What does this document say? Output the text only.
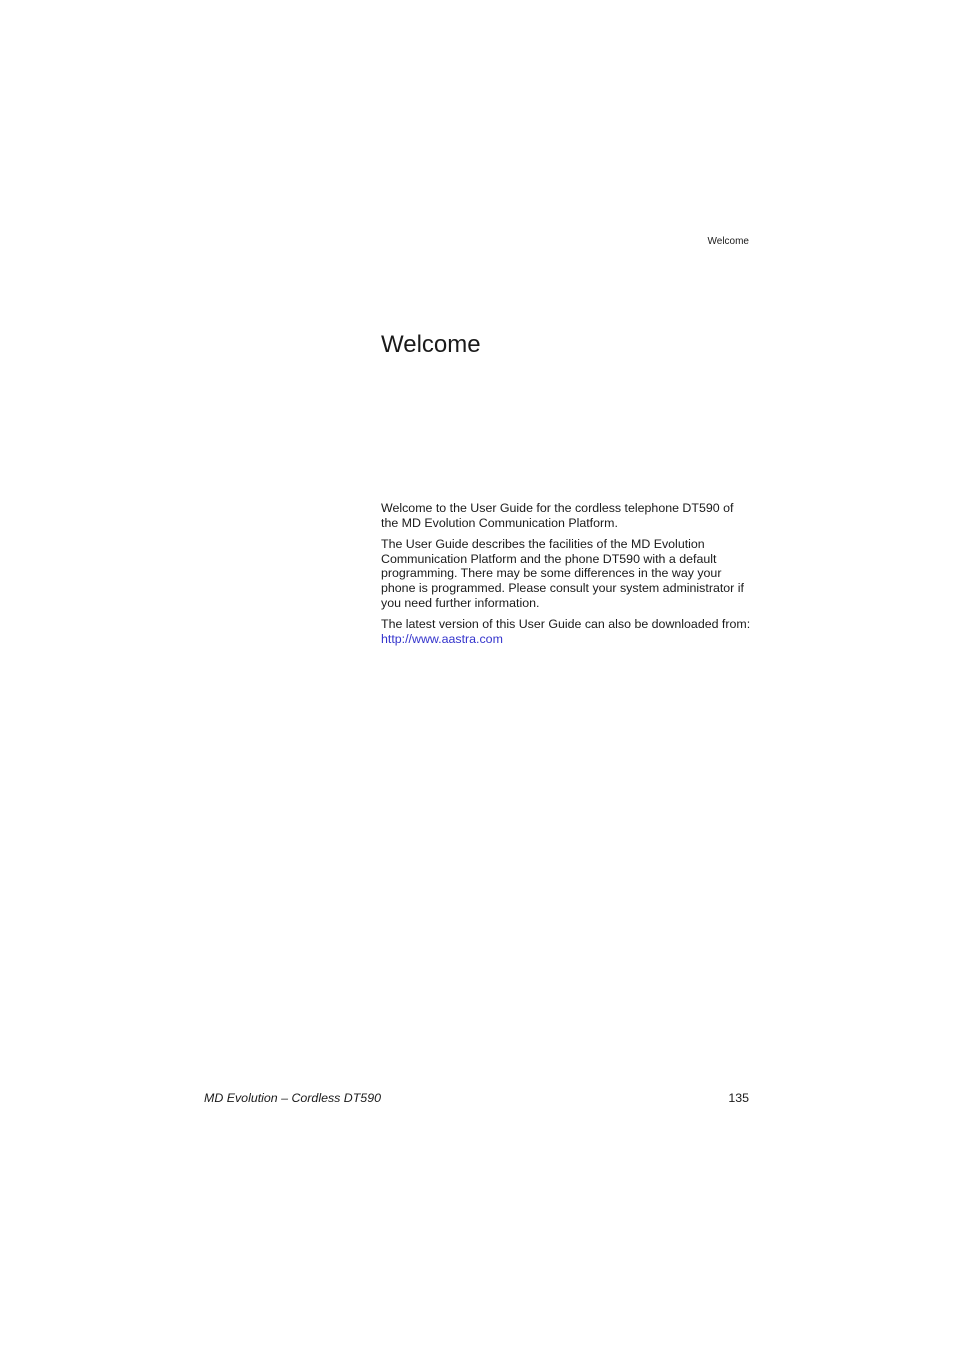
Welcome
Welcome

Welcome to the User Guide for the cordless telephone DT590 of the MD Evolution Communication Platform.

The User Guide describes the facilities of the MD Evolution Communication Platform and the phone DT590 with a default programming. There may be some differences in the way your phone is programmed. Please consult your system administrator if you need further information.

The latest version of this User Guide can also be downloaded from:
http://www.aastra.com

MD Evolution – Cordless DT590	135
